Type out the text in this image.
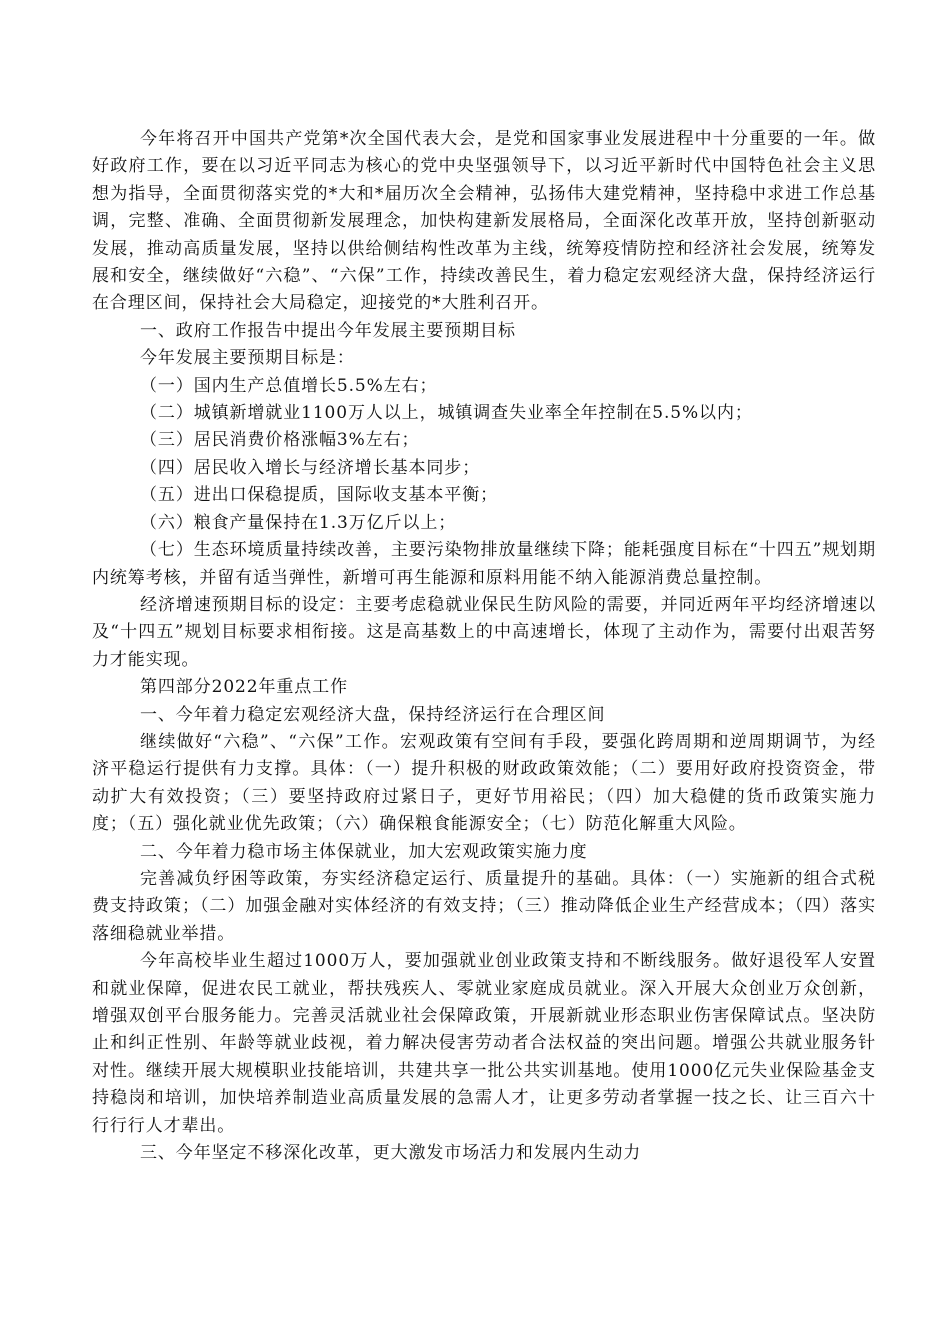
今年将召开中国共产党第*次全国代表大会，是党和国家事业发展进程中十分重要的一年。做好政府工作，要在以习近平同志为核心的党中央坚强领导下，以习近平新时代中国特色社会主义思想为指导，全面贯彻落实党的*大和*届历次全会精神，弘扬伟大建党精神，坚持稳中求进工作总基调，完整、准确、全面贯彻新发展理念，加快构建新发展格局，全面深化改革开放，坚持创新驱动发展，推动高质量发展，坚持以供给侧结构性改革为主线，统筹疫情防控和经济社会发展，统筹发展和安全，继续做好“六稳”、“六保”工作，持续改善民生，着力稳定宏观经济大盘，保持经济运行在合理区间，保持社会大局稳定，迎接党的*大胜利召开。

一、政府工作报告中提出今年发展主要预期目标

今年发展主要预期目标是：

（一）国内生产总值增长5.5%左右；

（二）城镇新增就业1100万人以上，城镇调查失业率全年控制在5.5%以内；

（三）居民消费价格涨幅3%左右；

（四）居民收入增长与经济增长基本同步；

（五）进出口保稳提质，国际收支基本平衡；

（六）粮食产量保持在1.3万亿斤以上；

（七）生态环境质量持续改善，主要污染物排放量继续下降；能耗强度目标在“十四五”规划期内统筹考核，并留有适当弹性，新增可再生能源和原料用能不纳入能源消费总量控制。

经济增速预期目标的设定：主要考虑稳就业保民生防风险的需要，并同近两年平均经济增速以及“十四五”规划目标要求相衔接。这是高基数上的中高速增长，体现了主动作为，需要付出艰苦努力才能实现。

第四部分2022年重点工作

一、今年着力稳定宏观经济大盘，保持经济运行在合理区间

继续做好“六稳”、“六保”工作。宏观政策有空间有手段，要强化跨周期和逆周期调节，为经济平稳运行提供有力支撑。具体：（一）提升积极的财政政策效能；（二）要用好政府投资资金，带动扩大有效投资；（三）要坚持政府过紧日子，更好节用裕民；（四）加大稳健的货币政策实施力度；（五）强化就业优先政策；（六）确保粮食能源安全；（七）防范化解重大风险。

二、今年着力稳市场主体保就业，加大宏观政策实施力度

完善减负纾困等政策，夯实经济稳定运行、质量提升的基础。具体：（一）实施新的组合式税费支持政策；（二）加强金融对实体经济的有效支持；（三）推动降低企业生产经营成本；（四）落实落细稳就业举措。

今年高校毕业生超过1000万人，要加强就业创业政策支持和不断线服务。做好退役军人安置和就业保障，促进农民工就业，帮扶残疾人、零就业家庭成员就业。深入开展大众创业万众创新，增强双创平台服务能力。完善灵活就业社会保障政策，开展新就业形态职业伤害保障试点。坚决防止和纠正性别、年龄等就业歧视，着力解决侵害劳动者合法权益的突出问题。增强公共就业服务针对性。继续开展大规模职业技能培训，共建共享一批公共实训基地。使用1000亿元失业保险基金支持稳岗和培训，加快培养制造业高质量发展的急需人才，让更多劳动者掌握一技之长、让三百六十行行行人才辈出。

三、今年坚定不移深化改革，更大激发市场活力和发展内生动力
